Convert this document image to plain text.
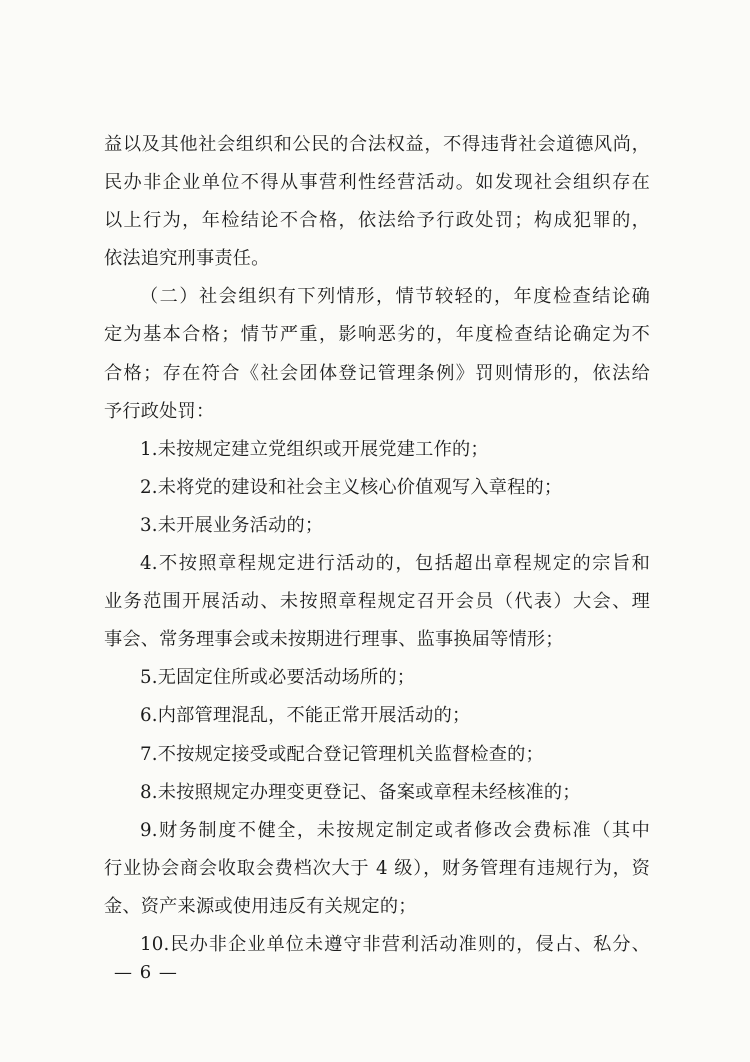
益以及其他社会组织和公民的合法权益，不得违背社会道德风尚，
民办非企业单位不得从事营利性经营活动。如发现社会组织存在
以上行为，年检结论不合格，依法给予行政处罚；构成犯罪的，
依法追究刑事责任。
（二）社会组织有下列情形，情节较轻的，年度检查结论确
定为基本合格；情节严重，影响恶劣的，年度检查结论确定为不
合格；存在符合《社会团体登记管理条例》罚则情形的，依法给
予行政处罚：
1.未按规定建立党组织或开展党建工作的；
2.未将党的建设和社会主义核心价值观写入章程的；
3.未开展业务活动的；
4.不按照章程规定进行活动的，包括超出章程规定的宗旨和
业务范围开展活动、未按照章程规定召开会员（代表）大会、理
事会、常务理事会或未按期进行理事、监事换届等情形；
5.无固定住所或必要活动场所的；
6.内部管理混乱，不能正常开展活动的；
7.不按规定接受或配合登记管理机关监督检查的；
8.未按照规定办理变更登记、备案或章程未经核准的；
9.财务制度不健全，未按规定制定或者修改会费标准（其中
行业协会商会收取会费档次大于 4 级），财务管理有违规行为，资
金、资产来源或使用违反有关规定的；
10.民办非企业单位未遵守非营利活动准则的，侵占、私分、
— 6 —
